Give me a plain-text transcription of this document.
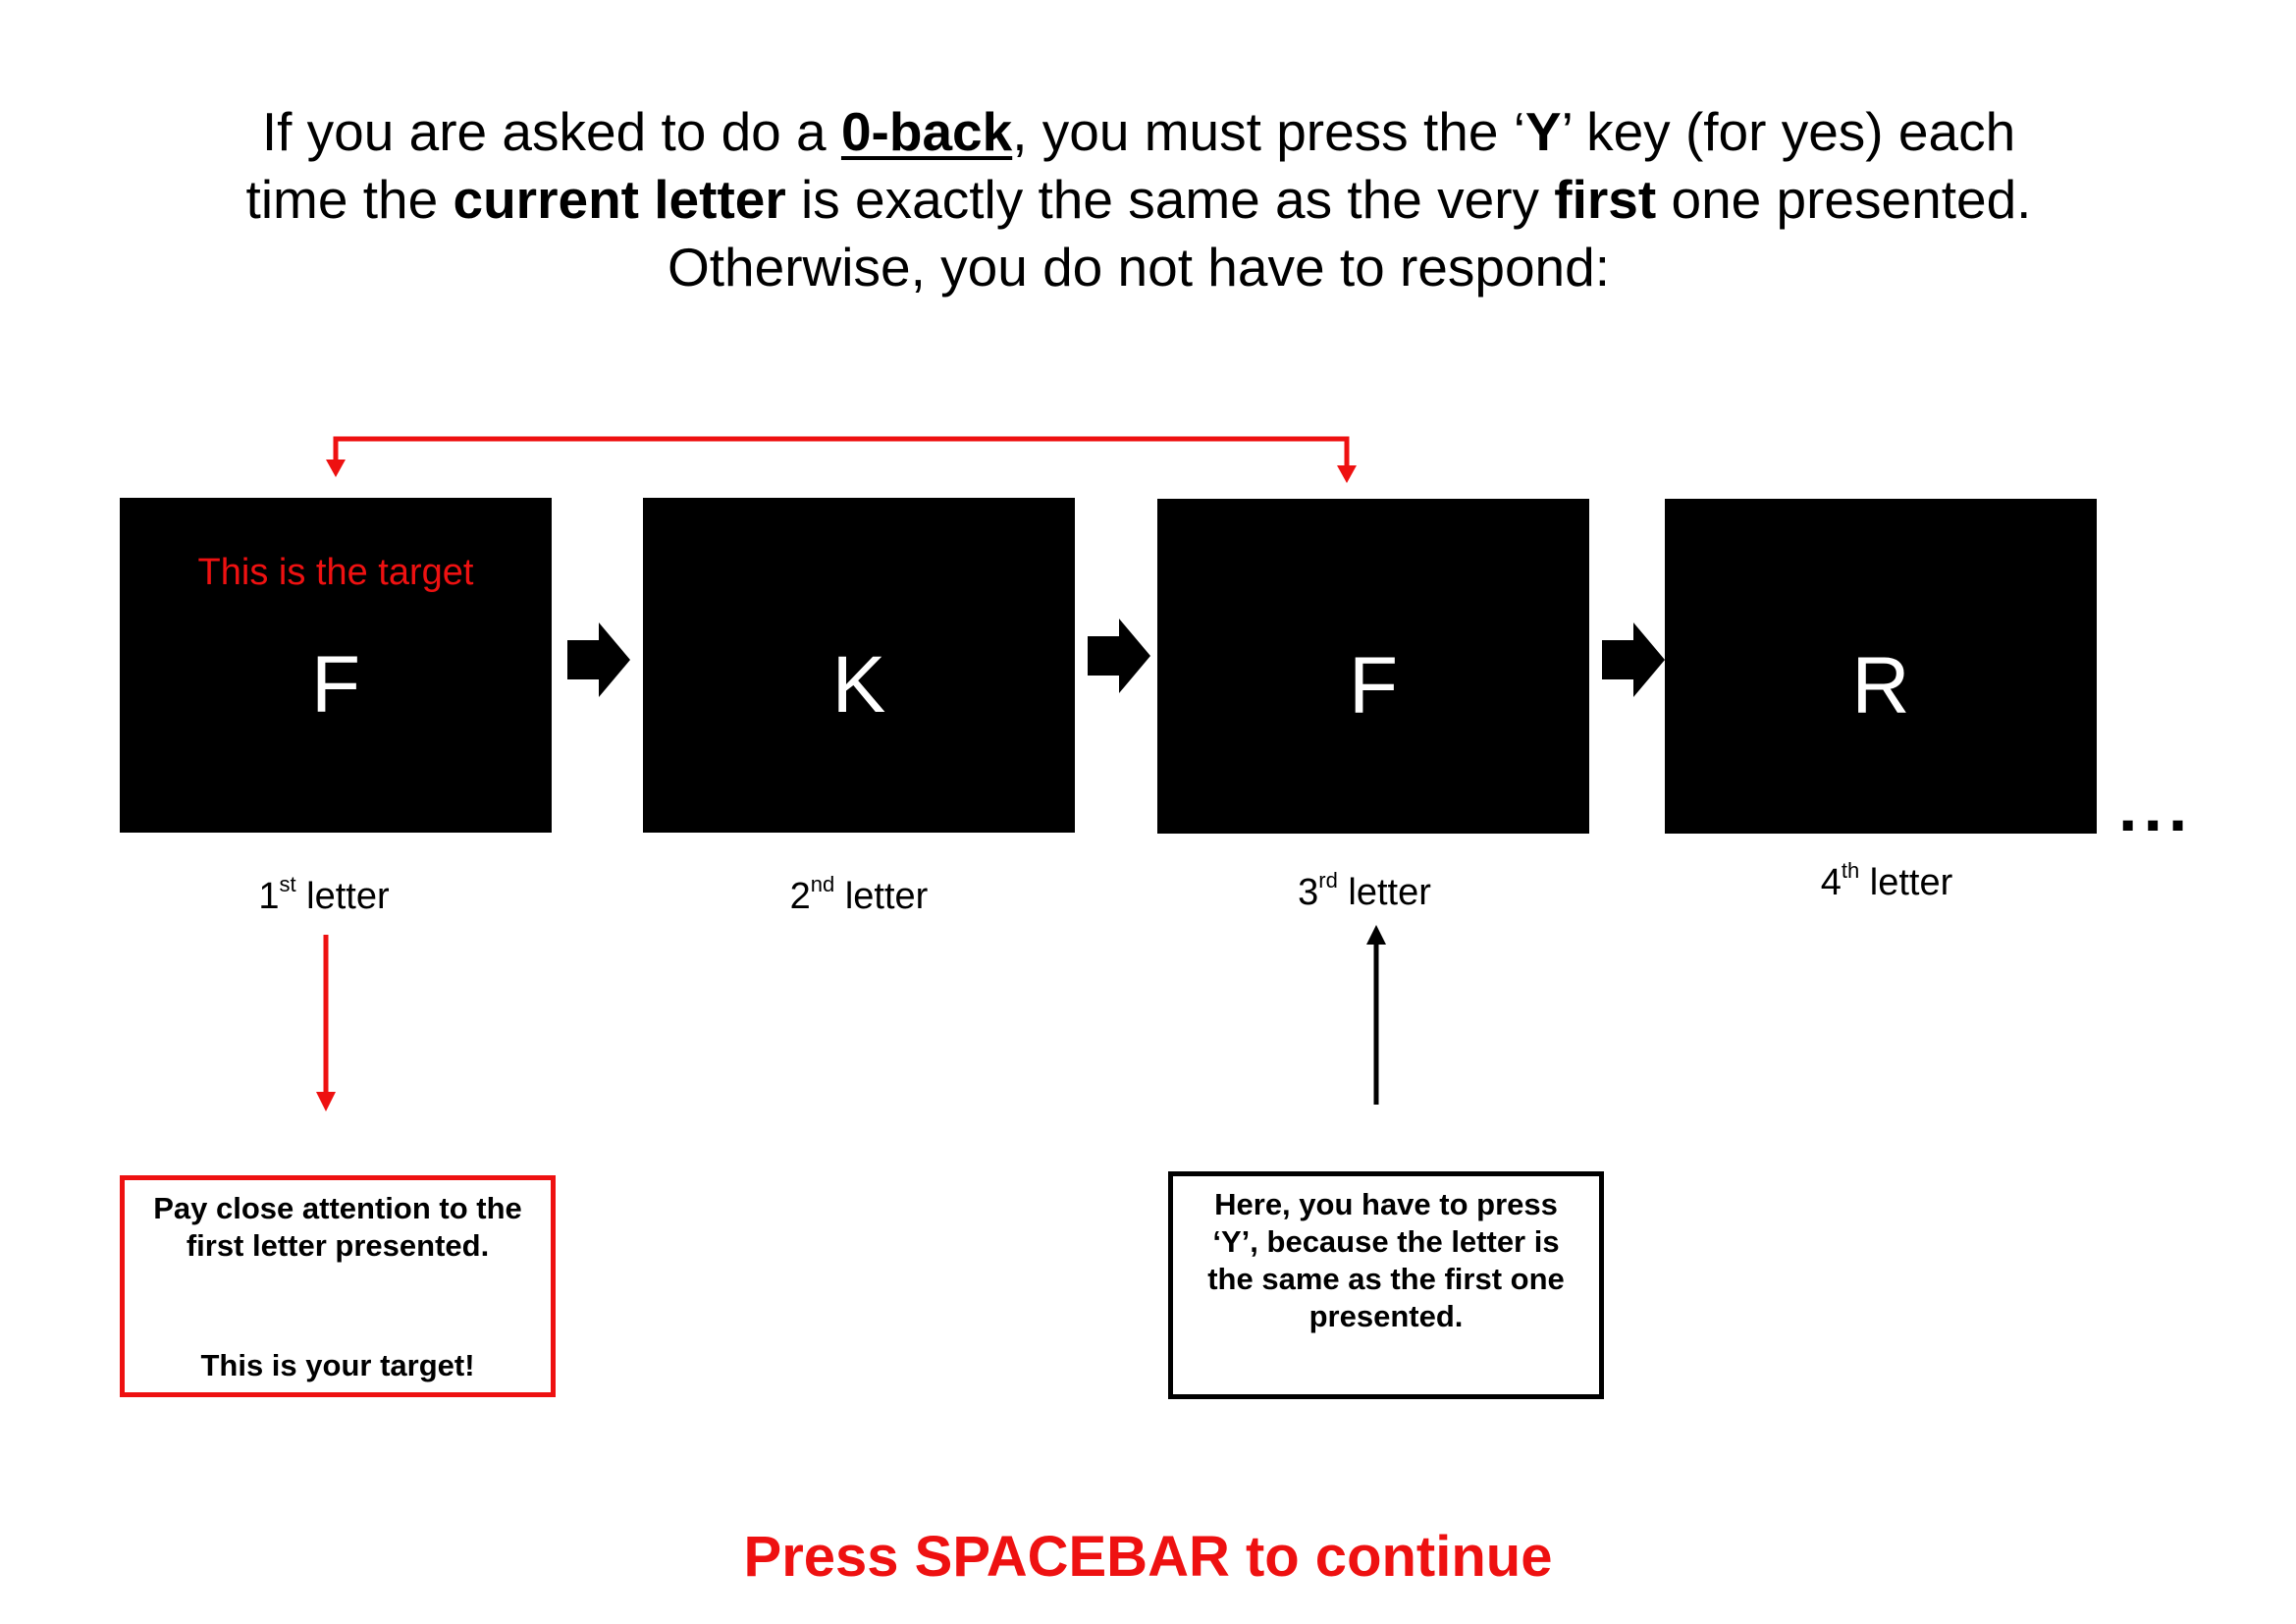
If you are asked to do a 0-back, you must press the ‘Y’ key (for yes) each
time the current letter is exactly the same as the very first one presented.
Otherwise, you do not have to respond:
This is the target
F	K	F	R
...
1st letter	2nd letter	3rd letter	4th letter
Pay close attention to the
first letter presented.
This is your target!
Here, you have to press
‘Y’, because the letter is
the same as the first one
presented.
Press SPACEBAR to continue
